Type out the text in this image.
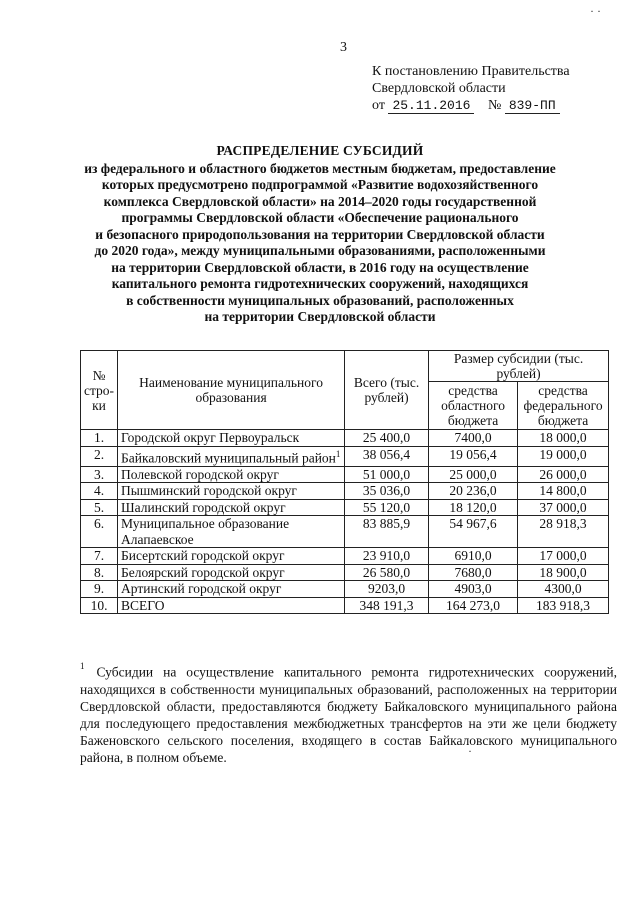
3
К постановлению Правительства
Свердловской области
от 25.11.2016 № 839-ПП
РАСПРЕДЕЛЕНИЕ СУБСИДИЙ
из федерального и областного бюджетов местным бюджетам, предоставление
которых предусмотрено подпрограммой «Развитие водохозяйственного
комплекса Свердловской области» на 2014–2020 годы государственной
программы Свердловской области «Обеспечение рационального
и безопасного природопользования на территории Свердловской области
до 2020 года», между муниципальными образованиями, расположенными
на территории Свердловской области, в 2016 году на осуществление
капитального ремонта гидротехнических сооружений, находящихся
в собственности муниципальных образований, расположенных
на территории Свердловской области
№ стро-ки	Наименование муниципального образования	Всего (тыс. рублей)	Размер субсидии (тыс. рублей)	
			средства областного бюджета	средства федерального бюджета
1.	Городской округ Первоуральск	25 400,0	7400,0	18 000,0
2.	Байкаловский муниципальный район$^1$	38 056,4	19 056,4	19 000,0
3.	Полевской городской округ	51 000,0	25 000,0	26 000,0
4.	Пышминский городской округ	35 036,0	20 236,0	14 800,0
5.	Шалинский городской округ	55 120,0	18 120,0	37 000,0
6.	Муниципальное образование Алапаевское	83 885,9	54 967,6	28 918,3
7.	Бисертский городской округ	23 910,0	6910,0	17 000,0
8.	Белоярский городской округ	26 580,0	7680,0	18 900,0
9.	Артинский городской округ	9203,0	4903,0	4300,0
10.	ВСЕГО	348 191,3	164 273,0	183 918,3
$^1$ Субсидии на осуществление капитального ремонта гидротехнических сооружений, находящихся в собственности муниципальных образований, расположенных на территории Свердловской области, предоставляются бюджету Байкаловского муниципального района для последующего предоставления межбюджетных трансфертов на эти же цели бюджету Баженовского сельского поселения, входящего в состав Байкаловского муниципального района, в полном объеме.
· ·
·
